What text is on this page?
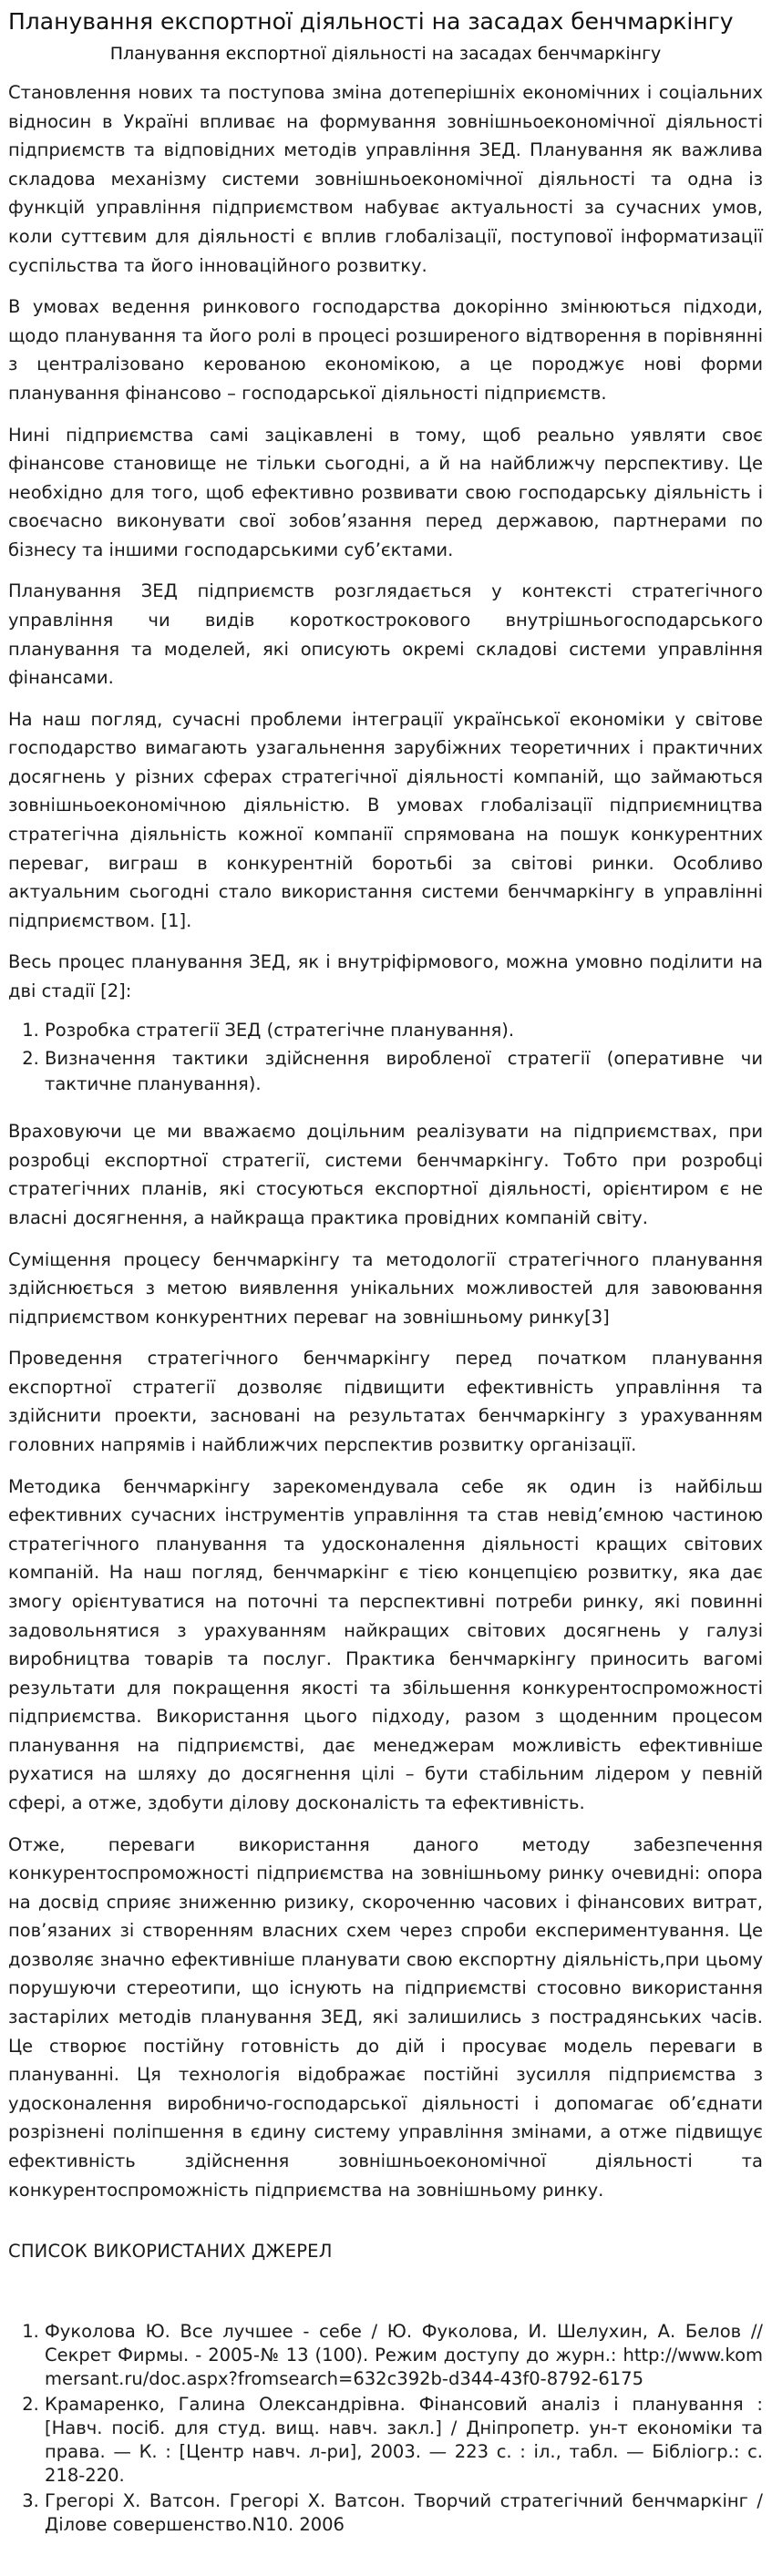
Планування експортної діяльності на засадах бенчмаркінгу

Планування експортної діяльності на засадах бенчмаркінгу

Становлення нових та поступова зміна дотеперішніх економічних і соціальних відносин в Україні впливає на формування зовнішньоекономічної діяльності підприємств та відповідних методів управління ЗЕД. Планування як важлива складова механізму системи зовнішньоекономічної діяльності та одна із функцій управління підприємством набуває актуальності за сучасних умов, коли суттєвим для діяльності є вплив глобалізації, поступової інформатизації суспільства та його інноваційного розвитку.

В умовах ведення ринкового господарства докорінно змінюються підходи, щодо планування та його ролі в процесі розширеного відтворення в порівнянні з централізовано керованою економікою, а це породжує нові форми планування фінансово – господарської діяльності підприємств.

Нині підприємства самі зацікавлені в тому, щоб реально уявляти своє фінансове становище не тільки сьогодні, а й на найближчу перспективу. Це необхідно для того, щоб ефективно розвивати свою господарську діяльність і своєчасно виконувати свої зобов’язання перед державою, партнерами по бізнесу та іншими господарськими суб’єктами.

Планування ЗЕД підприємств розглядається у контексті стратегічного управління чи видів короткострокового внутрішньогосподарського планування та моделей, які описують окремі складові системи управління фінансами.

На наш погляд, сучасні проблеми інтеграції української економіки у світове господарство вимагають узагальнення зарубіжних теоретичних і практичних досягнень у різних сферах стратегічної діяльності компаній, що займаються зовнішньоекономічною діяльністю. В умовах глобалізації підприємництва стратегічна діяльність кожної компанії спрямована на пошук конкурентних переваг, виграш в конкурентній боротьбі за світові ринки. Особливо актуальним сьогодні стало використання системи бенчмаркінгу в управлінні підприємством. [1].

Весь процес планування ЗЕД, як і внутріфірмового, можна умовно поділити на дві стадії [2]:

1. Розробка стратегії ЗЕД (стратегічне планування).
2. Визначення тактики здійснення виробленої стратегії (оперативне чи тактичне планування).

Враховуючи це ми вважаємо доцільним реалізувати на підприємствах, при розробці експортної стратегії, системи бенчмаркінгу. Тобто при розробці стратегічних планів, які стосуються експортної діяльності, орієнтиром є не власні досягнення, а найкраща практика провідних компаній світу.

Суміщення процесу бенчмаркінгу та методології стратегічного планування здійснюється з метою виявлення унікальних можливостей для завоювання підприємством конкурентних переваг на зовнішньому ринку[3]

Проведення стратегічного бенчмаркінгу перед початком планування експортної стратегії дозволяє підвищити ефективність управління та здійснити проекти, засновані на результатах бенчмаркінгу з урахуванням головних напрямів і найближчих перспектив розвитку організації.

Методика бенчмаркінгу зарекомендувала себе як один із найбільш ефективних сучасних інструментів управління та став невід’ємною частиною стратегічного планування та удосконалення діяльності кращих світових компаній. На наш погляд, бенчмаркінг є тією концепцією розвитку, яка дає змогу орієнтуватися на поточні та перспективні потреби ринку, які повинні задовольнятися з урахуванням найкращих світових досягнень у галузі виробництва товарів та послуг. Практика бенчмаркінгу приносить вагомі результати для покращення якості та збільшення конкурентоспроможності підприємства. Використання цього підходу, разом з щоденним процесом планування на підприємстві, дає менеджерам можливість ефективніше рухатися на шляху до досягнення цілі – бути стабільним лідером у певній сфері, а отже, здобути ділову досконалість та ефективність.

Отже, переваги використання даного методу забезпечення конкурентоспроможності підприємства на зовнішньому ринку очевидні: опора на досвід сприяє зниженню ризику, скороченню часових і фінансових витрат, пов’язаних зі створенням власних схем через спроби експериментування. Це дозволяє значно ефективніше планувати свою експортну діяльність,при цьому порушуючи стереотипи, що існують на підприємстві стосовно використання застарілих методів планування ЗЕД, які залишились з пострадянських часів. Це створює постійну готовність до дій і просуває модель переваги в плануванні. Ця технологія відображає постійні зусилля підприємства з удосконалення виробничо-господарської діяльності і допомагає об’єднати розрізнені поліпшення в єдину систему управління змінами, а отже підвищує ефективність здійснення зовнішньоекономічної діяльності та конкурентоспроможність підприємства на зовнішньому ринку.

СПИСОК ВИКОРИСТАНИХ ДЖЕРЕЛ
1. Фуколова Ю. Все лучшее - себе / Ю. Фуколова, И. Шелухин, А. Белов // Секрет Фирмы. - 2005-№ 13 (100). Режим доступу до журн.: http://www.kommersant.ru/doc.aspx?fromsearch=632c392b-d344-43f0-8792-6175
2. Крамаренко, Галина Олександрівна. Фінансовий аналіз і планування : [Навч. посіб. для студ. вищ. навч. закл.] / Дніпропетр. ун-т економіки та права. — К. : [Центр навч. л-ри], 2003. — 223 с. : іл., табл. — Бібліогр.: с. 218-220.
3. Грегорі Х. Ватсон. Грегорі Х. Ватсон. Творчий стратегічний бенчмаркінг / Ділове совершенство.N10. 2006
